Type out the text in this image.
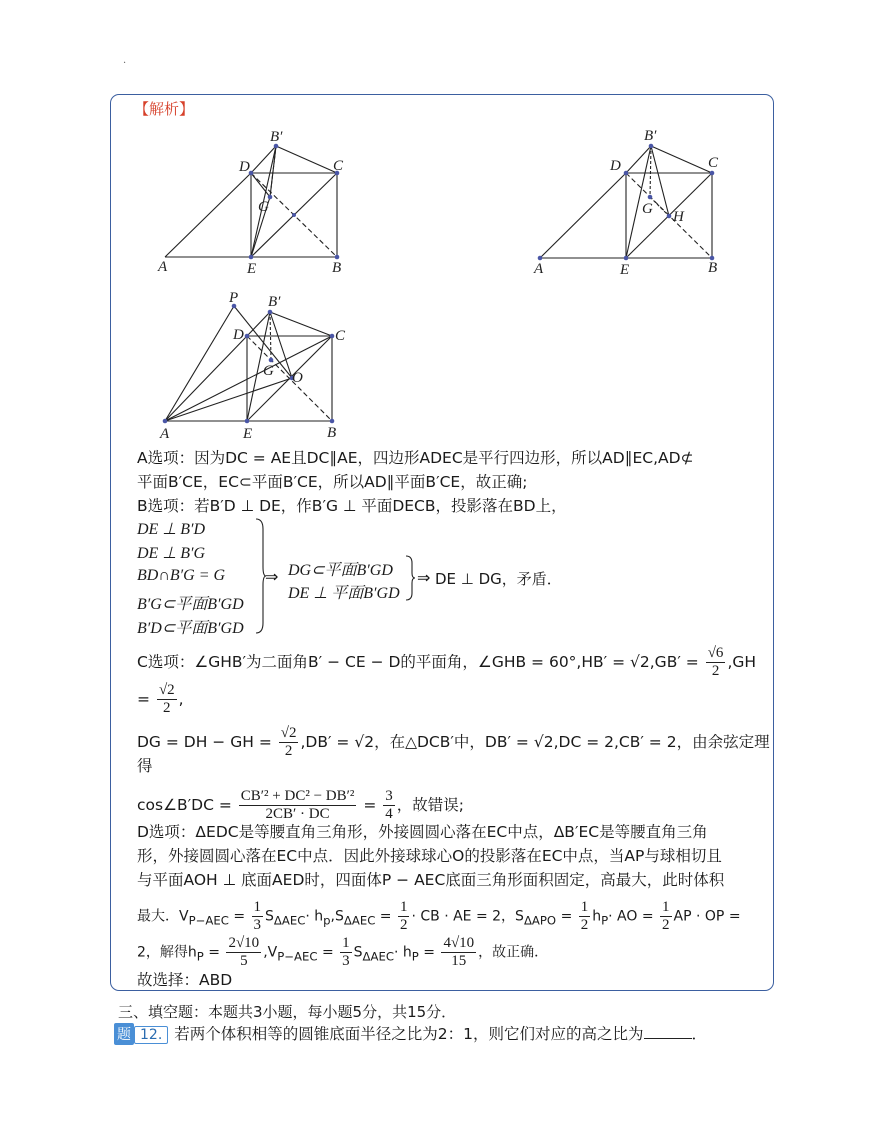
·
【解析】
A	E	B
D	C
B′
G
A	E	B
D	C
B′
G H
P
A	E	B
D	C
B′
G O
A选项：因为DC = AE且DC∥AE，四边形ADEC是平行四边形，所以AD∥EC,AD⊄
平面B′CE，EC⊂平面B′CE，所以AD∥平面B′CE，故正确;
B选项：若B′D ⊥ DE，作B′G ⊥ 平面DECB，投影落在BD上，
DE ⊥ B′D
DE ⊥ B′G
BD∩B′G = G
B′G⊂平面B′GD
B′D⊂平面B′GD
⇒ DG⊂平面B′GD
DE ⊥ 平面B′GD
⇒ DE ⊥ DG，矛盾．
C选项：∠GHB′为二面角B′ − CE − D的平面角，∠GHB = $60^\circ,HB' = √2,GB' = \frac{√6}{2} ,GH$
= $\frac{√2}{2}$ ,
DG = DH − GH = $\frac{√2}{2} ,DB' = √2$，在△DCB′中，DB′ = √2,DC = 2,CB′ = 2，由余弦定理
得
cos∠B′DC = $\frac{\text{CB′² + DC² − DB′²}}{2CB' \cdot DC} = \frac{3}{4}$ ，故错误;
D选项：ΔEDC是等腰直角三角形，外接圆圆心落在EC中点，ΔB′EC是等腰直角三角
形，外接圆圆心落在EC中点．因此外接球球心O的投影落在EC中点，当AP与球相切且
与平面AOH ⊥ 底面AED时，四面体P − AEC底面三角形面积固定，高最大，此时体积
最大．$V_{P-AEC} = \frac{1}{3} S_{\Delta AEC}\cdot h_p,S_{\Delta AEC} = \frac{1}{2}$ · CB · AE = 2，$S_{\Delta APO} = \frac{1}{2} h_P\cdot$ AO = $\frac{1}{2}$ AP · OP =
2，解得$h_P = \frac{2√10}{5} ,V_{P-AEC} = \frac{1}{3} S_{\Delta AEC}\cdot h_P = \frac{4√10}{15}$ ，故正确．
故选择：ABD
三、填空题：本题共3小题，每小题5分，共15分．
题 12. 若两个体积相等的圆锥底面半径之比为2：1，则它们对应的高之比为	．
